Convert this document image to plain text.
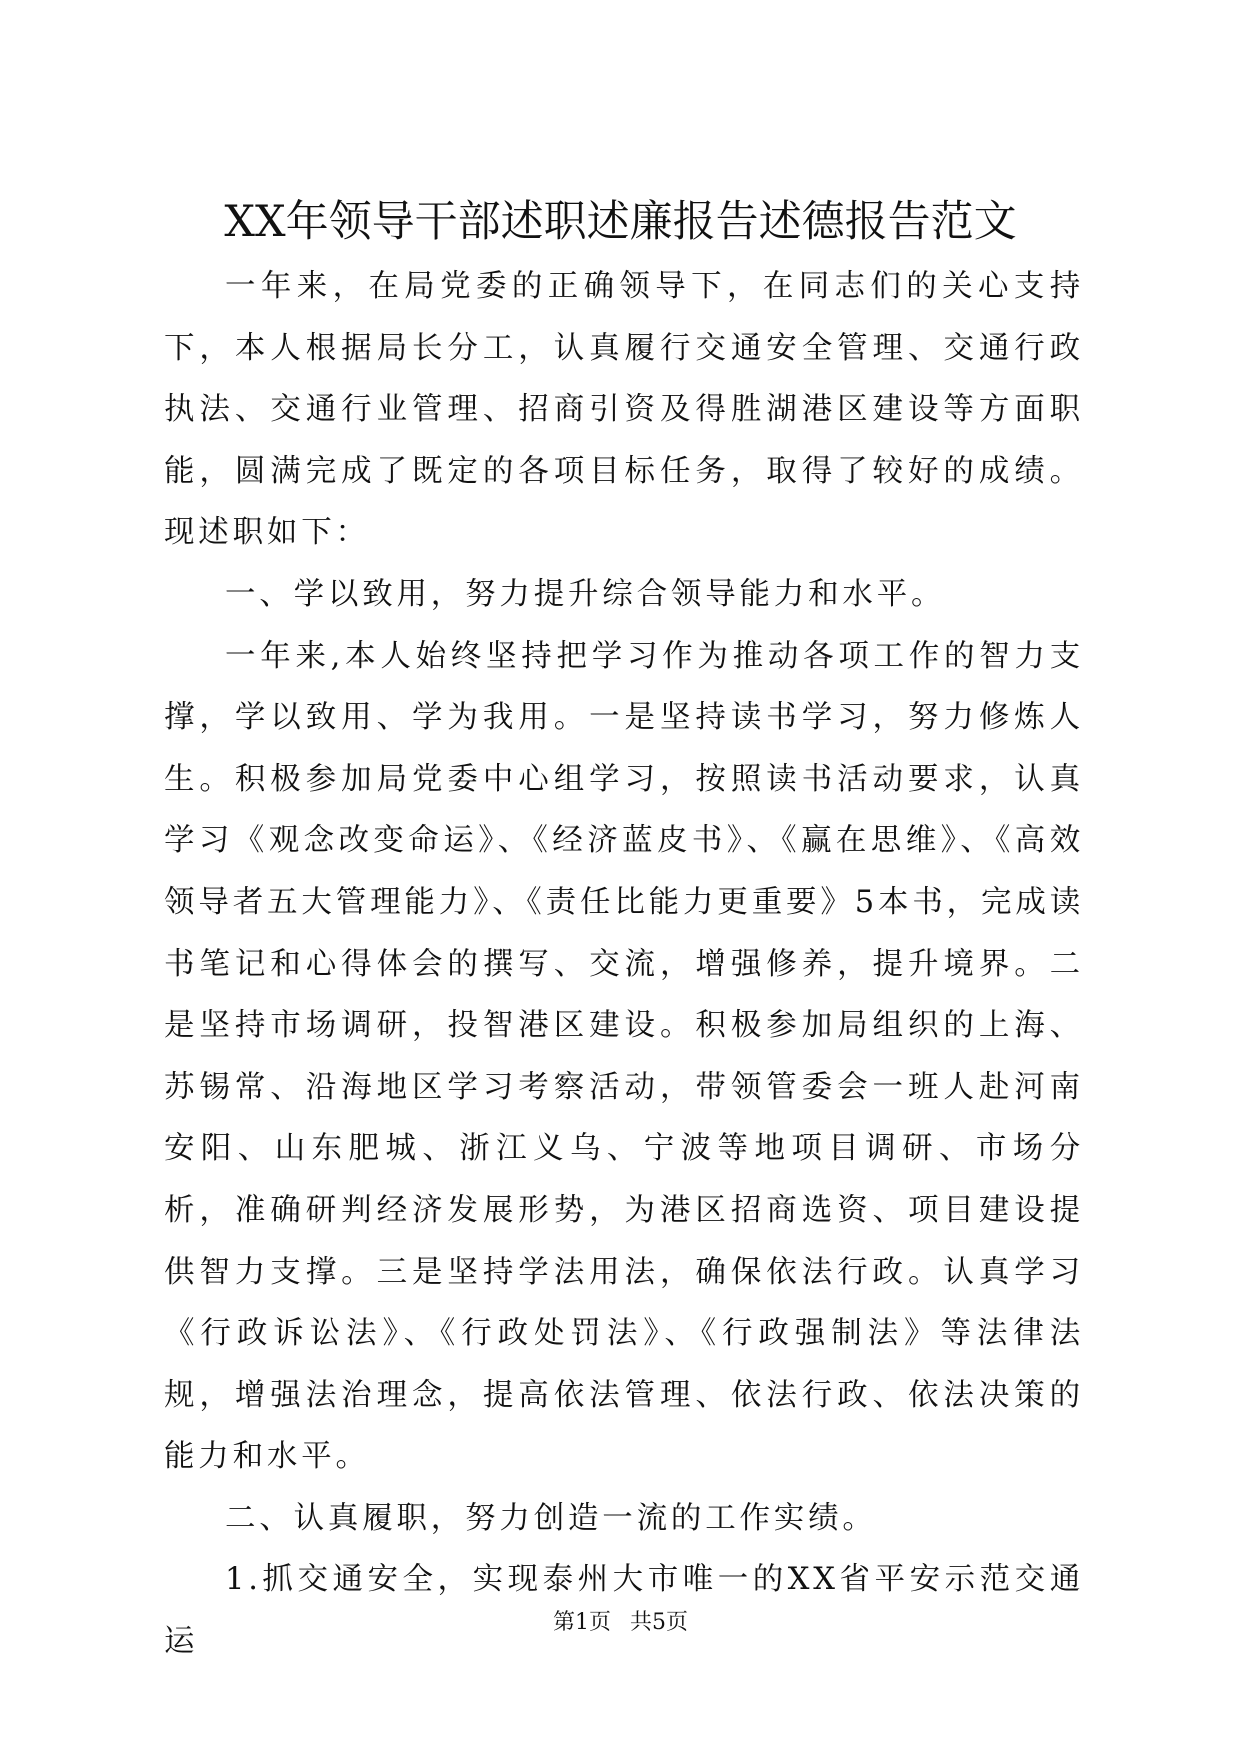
XX年领导干部述职述廉报告述德报告范文

一年来，在局党委的正确领导下，在同志们的关心支持下，本人根据局长分工，认真履行交通安全管理、交通行政执法、交通行业管理、招商引资及得胜湖港区建设等方面职能，圆满完成了既定的各项目标任务，取得了较好的成绩。现述职如下：

一、学以致用，努力提升综合领导能力和水平。

一年来,本人始终坚持把学习作为推动各项工作的智力支撑，学以致用、学为我用。一是坚持读书学习，努力修炼人生。积极参加局党委中心组学习，按照读书活动要求，认真学习《观念改变命运》、《经济蓝皮书》、《赢在思维》、《高效领导者五大管理能力》、《责任比能力更重要》5本书，完成读书笔记和心得体会的撰写、交流，增强修养，提升境界。二是坚持市场调研，投智港区建设。积极参加局组织的上海、苏锡常、沿海地区学习考察活动，带领管委会一班人赴河南安阳、山东肥城、浙江义乌、宁波等地项目调研、市场分析，准确研判经济发展形势，为港区招商选资、项目建设提供智力支撑。三是坚持学法用法，确保依法行政。认真学习《行政诉讼法》、《行政处罚法》、《行政强制法》等法律法规，增强法治理念，提高依法管理、依法行政、依法决策的能力和水平。

二、认真履职，努力创造一流的工作实绩。

1.抓交通安全，实现泰州大市唯一的XX省平安示范交通运

第1页 共5页
